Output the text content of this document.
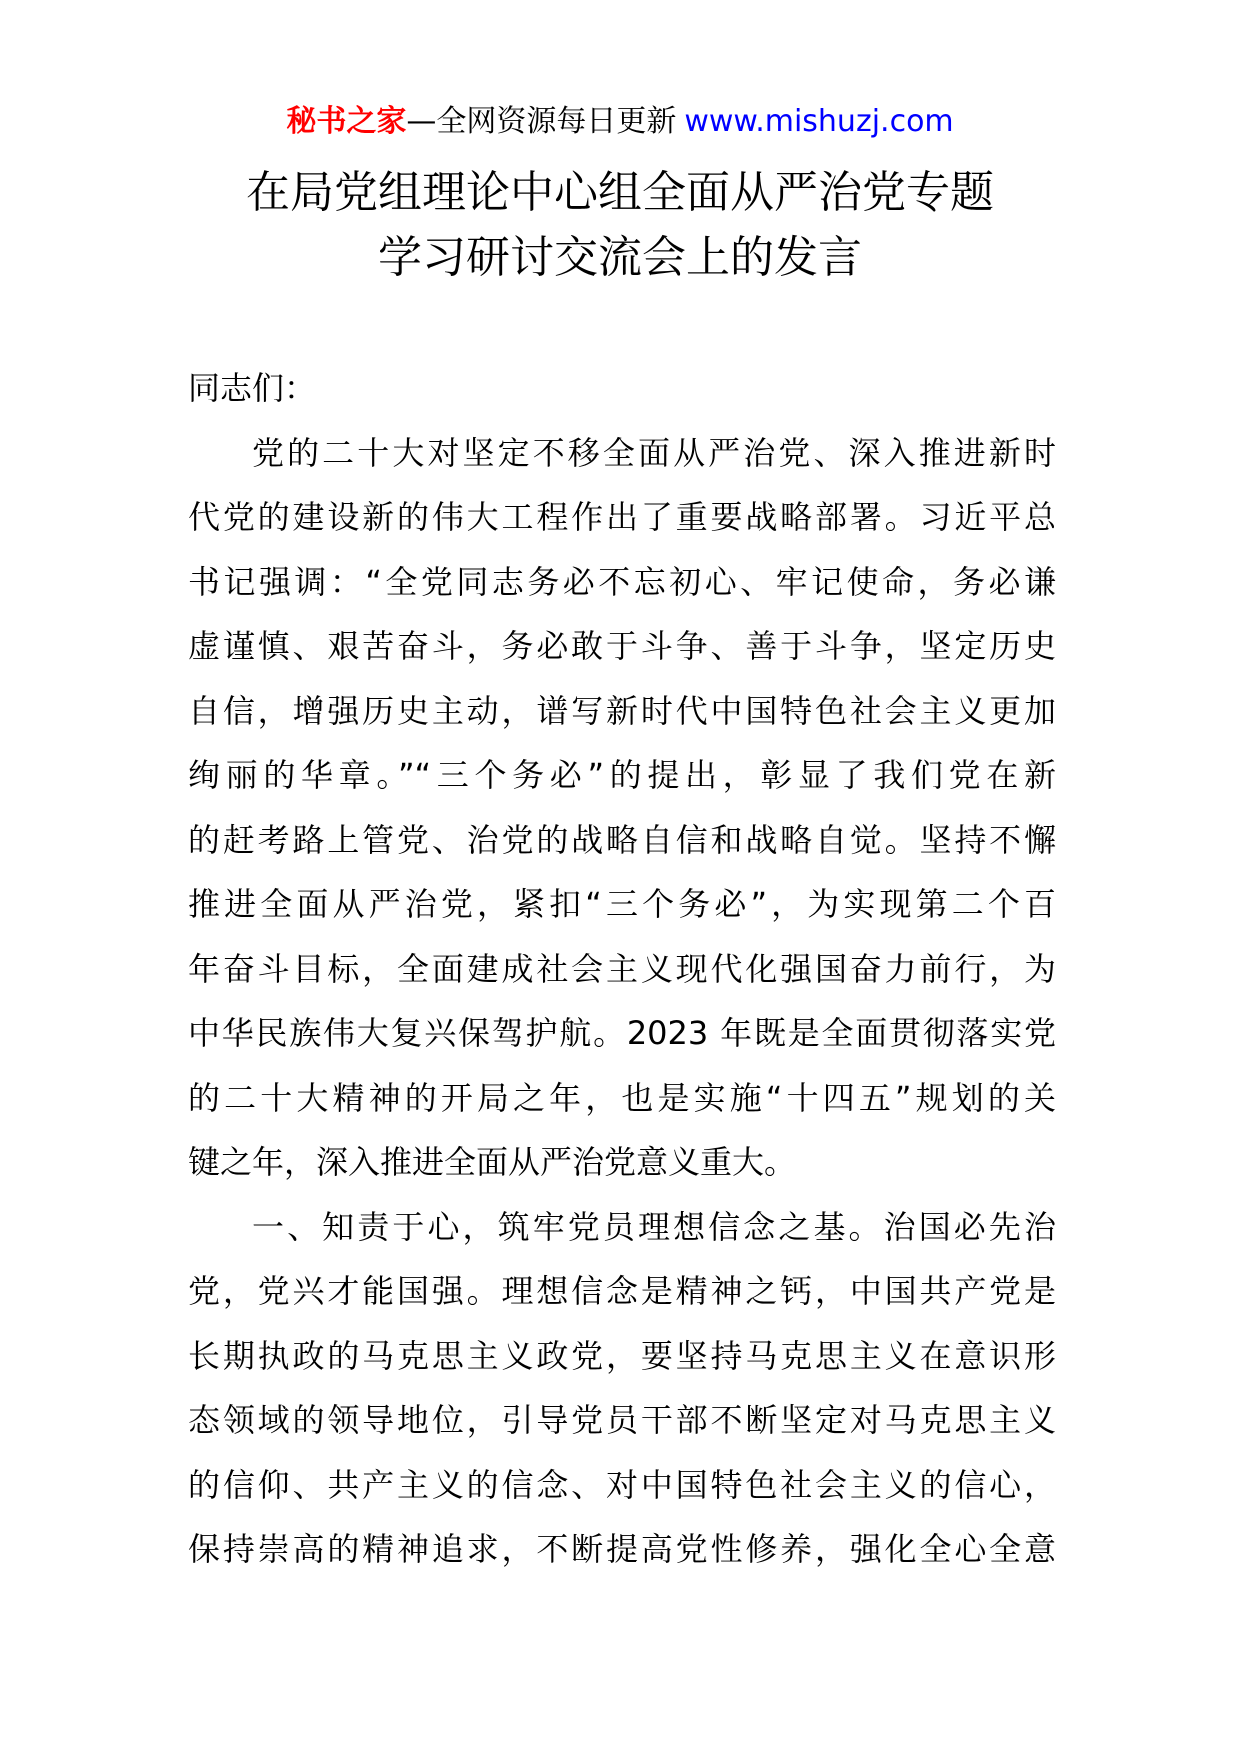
秘书之家—全网资源每日更新 www.mishuzj.com
在局党组理论中心组全面从严治党专题
学习研讨交流会上的发言

同志们：

党的二十大对坚定不移全面从严治党、深入推进新时
代党的建设新的伟大工程作出了重要战略部署。习近平总
书记强调：“全党同志务必不忘初心、牢记使命，务必谦
虚谨慎、艰苦奋斗，务必敢于斗争、善于斗争，坚定历史
自信，增强历史主动，谱写新时代中国特色社会主义更加
绚丽的华章。”“三个务必”的提出，彰显了我们党在新
的赶考路上管党、治党的战略自信和战略自觉。坚持不懈
推进全面从严治党，紧扣“三个务必”，为实现第二个百
年奋斗目标，全面建成社会主义现代化强国奋力前行，为
中华民族伟大复兴保驾护航。2023 年既是全面贯彻落实党
的二十大精神的开局之年，也是实施“十四五”规划的关
键之年，深入推进全面从严治党意义重大。

一、知责于心，筑牢党员理想信念之基。治国必先治
党，党兴才能国强。理想信念是精神之钙，中国共产党是
长期执政的马克思主义政党，要坚持马克思主义在意识形
态领域的领导地位，引导党员干部不断坚定对马克思主义
的信仰、共产主义的信念、对中国特色社会主义的信心，
保持崇高的精神追求，不断提高党性修养，强化全心全意
